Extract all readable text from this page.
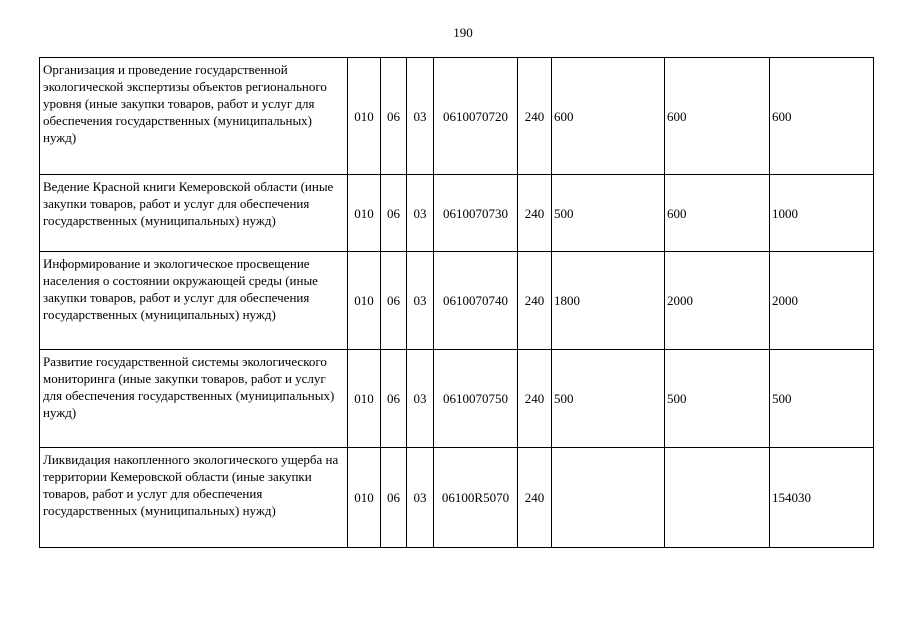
190
Организация и проведение государственной экологической экспертизы объектов регионального уровня (иные закупки товаров, работ и услуг для обеспечения государственных (муниципальных) нужд)	010	06	03	0610070720	240	600	600	600
Ведение Красной книги Кемеровской области (иные закупки товаров, работ и услуг для обеспечения государственных (муниципальных) нужд)	010	06	03	0610070730	240	500	600	1000
Информирование и экологическое просвещение населения о состоянии окружающей среды (иные закупки товаров, работ и услуг для обеспечения государственных (муниципальных) нужд)	010	06	03	0610070740	240	1800	2000	2000
Развитие государственной системы экологического мониторинга (иные закупки товаров, работ и услуг для обеспечения государственных (муниципальных) нужд)	010	06	03	0610070750	240	500	500	500
Ликвидация накопленного экологического ущерба на территории Кемеровской области (иные закупки товаров, работ и услуг для обеспечения государственных (муниципальных) нужд)	010	06	03	06100R5070	240			154030
